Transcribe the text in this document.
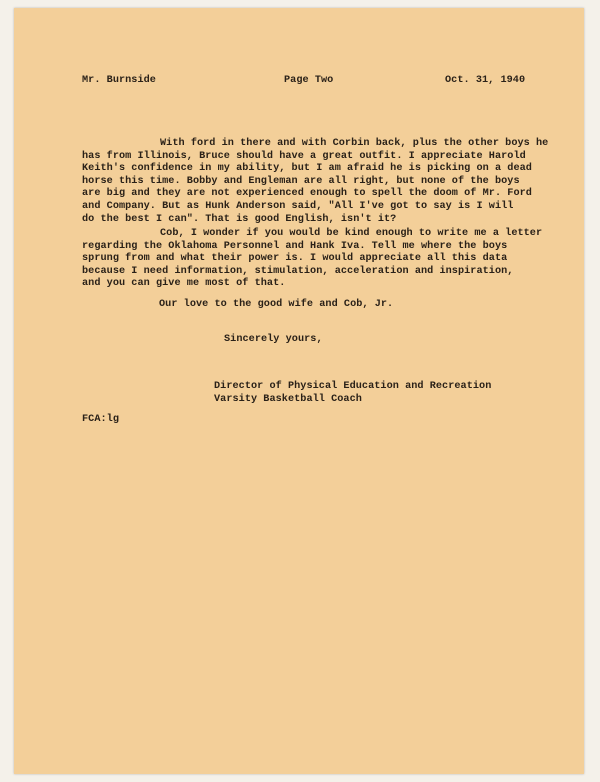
Mr. Burnside	Page Two	Oct. 31, 1940

With ford in there and with Corbin back, plus the other boys he
has from Illinois, Bruce should have a great outfit. I appreciate Harold
Keith's confidence in my ability, but I am afraid he is picking on a dead
horse this time. Bobby and Engleman are all right, but none of the boys
are big and they are not experienced enough to spell the doom of Mr. Ford
and Company. But as Hunk Anderson said, "All I've got to say is I will
do the best I can". That is good English, isn't it?

Cob, I wonder if you would be kind enough to write me a letter
regarding the Oklahoma Personnel and Hank Iva. Tell me where the boys
sprung from and what their power is. I would appreciate all this data
because I need information, stimulation, acceleration and inspiration,
and you can give me most of that.

Our love to the good wife and Cob, Jr.
Sincerely yours,
Director of Physical Education and Recreation
Varsity Basketball Coach
FCA:lg
